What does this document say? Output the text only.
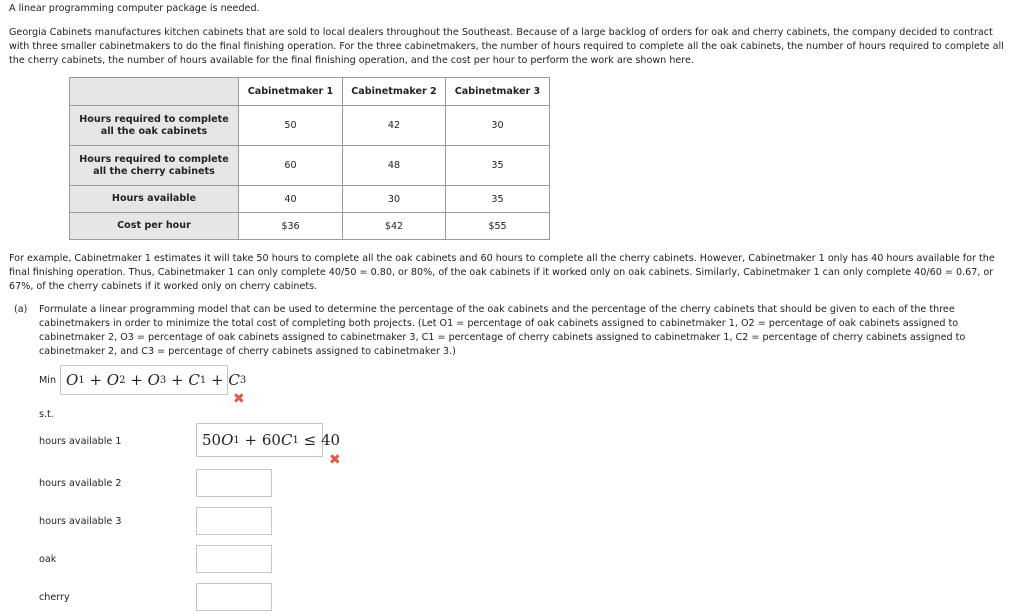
A linear programming computer package is needed.
Georgia Cabinets manufactures kitchen cabinets that are sold to local dealers throughout the Southeast. Because of a large backlog of orders for oak and cherry cabinets, the company decided to contract with three smaller cabinetmakers to do the final finishing operation. For the three cabinetmakers, the number of hours required to complete all the oak cabinets, the number of hours required to complete all the cherry cabinets, the number of hours available for the final finishing operation, and the cost per hour to perform the work are shown here.
	Cabinetmaker 1	Cabinetmaker 2	Cabinetmaker 3

Hours required to complete
all the oak cabinets	50	42	30

Hours required to complete
all the cherry cabinets	60	48	35
Hours available	40	30	35
Cost per hour	$36	$42	$55
For example, Cabinetmaker 1 estimates it will take 50 hours to complete all the oak cabinets and 60 hours to complete all the cherry cabinets. However, Cabinetmaker 1 only has 40 hours available for the final finishing operation. Thus, Cabinetmaker 1 can only complete 40/50 = 0.80, or 80%, of the oak cabinets if it worked only on oak cabinets. Similarly, Cabinetmaker 1 can only complete 40/60 = 0.67, or 67%, of the cherry cabinets if it worked only on cherry cabinets.
(a) Formulate a linear programming model that can be used to determine the percentage of the oak cabinets and the percentage of the cherry cabinets that should be given to each of the three cabinetmakers in order to minimize the total cost of completing both projects. (Let O1 = percentage of oak cabinets assigned to cabinetmaker 1, O2 = percentage of oak cabinets assigned to cabinetmaker 2, O3 = percentage of oak cabinets assigned to cabinetmaker 3, C1 = percentage of cherry cabinets assigned to cabinetmaker 1, C2 = percentage of cherry cabinets assigned to cabinetmaker 2, and C3 = percentage of cherry cabinets assigned to cabinetmaker 3.)
Min O 1 + O 2 + O 3 + C 1 + C 3
✖
s.t.
hours available 1	50 O 1 + 60 C 1 ≤ 40
✖
hours available 2
hours available 3
oak
cherry
